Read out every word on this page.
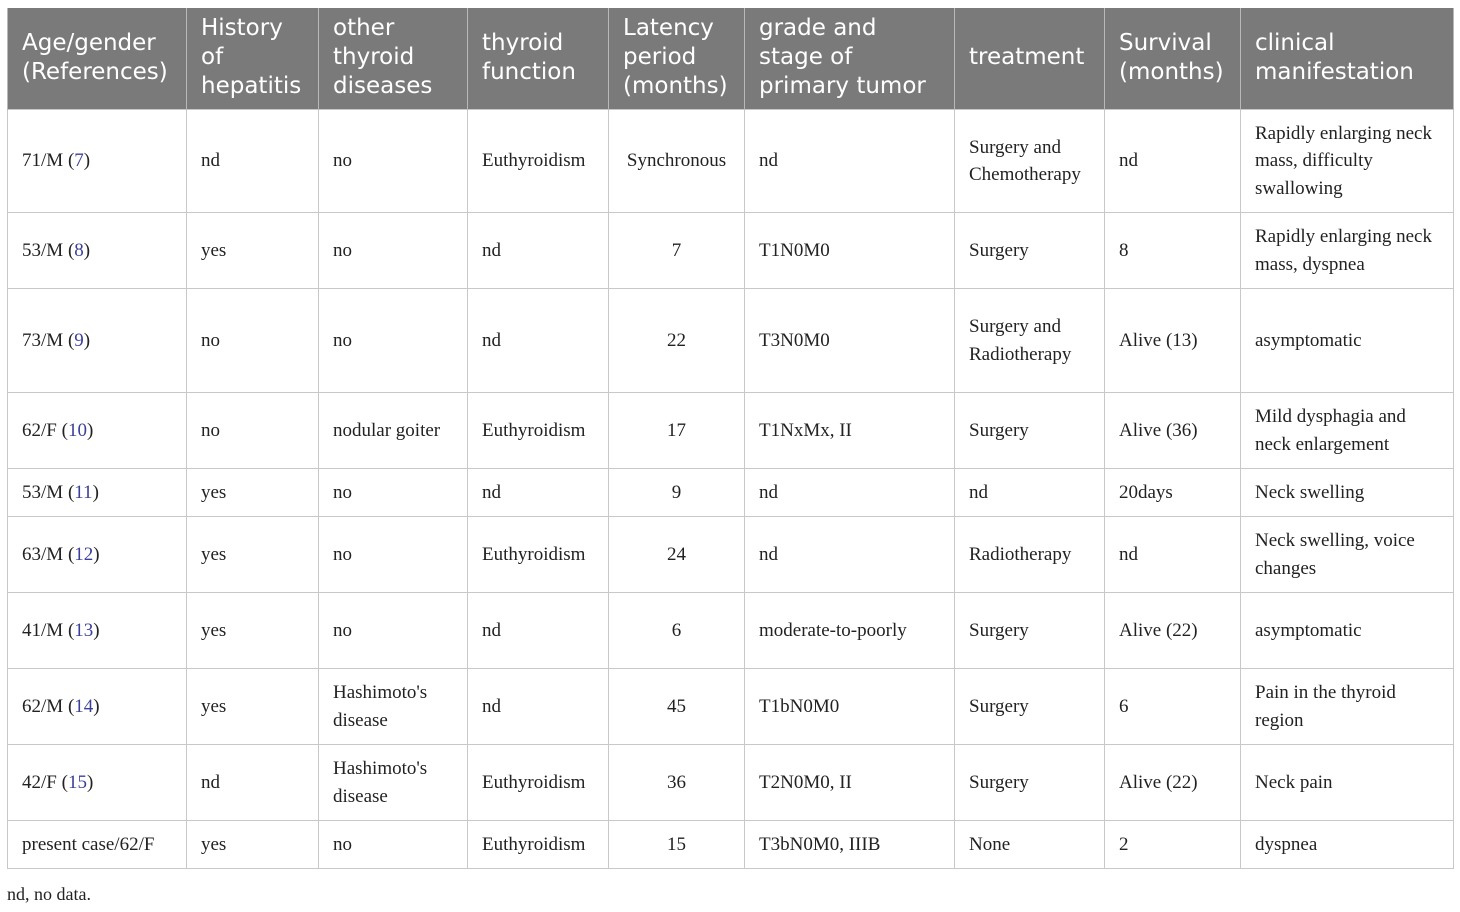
Age/gender (References)	History of hepatitis	other thyroid diseases	thyroid function	Latency period (months)	grade and stage of primary tumor	treatment	Survival (months)	clinical manifestation
71/M (7)	nd	no	Euthyroidism	Synchronous	nd	Surgery and Chemotherapy	nd	Rapidly enlarging neck mass, difficulty swallowing
53/M (8)	yes	no	nd	7	T1N0M0	Surgery	8	Rapidly enlarging neck mass, dyspnea
73/M (9)	no	no	nd	22	T3N0M0	Surgery and Radiotherapy	Alive (13)	asymptomatic
62/F (10)	no	nodular goiter	Euthyroidism	17	T1NxMx, II	Surgery	Alive (36)	Mild dysphagia and neck enlargement
53/M (11)	yes	no	nd	9	nd	nd	20days	Neck swelling
63/M (12)	yes	no	Euthyroidism	24	nd	Radiotherapy	nd	Neck swelling, voice changes
41/M (13)	yes	no	nd	6	moderate-to-poorly	Surgery	Alive (22)	asymptomatic
62/M (14)	yes	Hashimoto's disease	nd	45	T1bN0M0	Surgery	6	Pain in the thyroid region
42/F (15)	nd	Hashimoto's disease	Euthyroidism	36	T2N0M0, II	Surgery	Alive (22)	Neck pain
present case/62/F	yes	no	Euthyroidism	15	T3bN0M0, IIIB	None	2	dyspnea
nd, no data.
